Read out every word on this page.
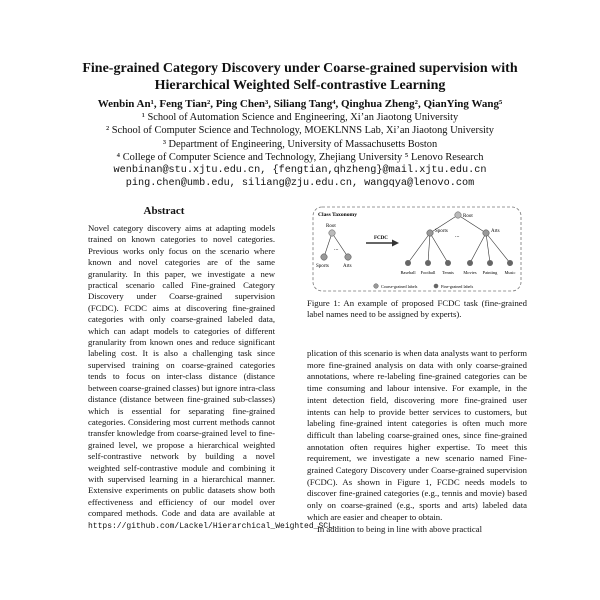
Fine-grained Category Discovery under Coarse-grained supervision with
Hierarchical Weighted Self-contrastive Learning
Wenbin An¹, Feng Tian², Ping Chen³, Siliang Tang⁴, Qinghua Zheng², QianYing Wang⁵
¹ School of Automation Science and Engineering, Xi’an Jiaotong University
² School of Computer Science and Technology, MOEKLNNS Lab, Xi’an Jiaotong University
³ Department of Engineering, University of Massachusetts Boston
⁴ College of Computer Science and Technology, Zhejiang University ⁵ Lenovo Research
wenbinan@stu.xjtu.edu.cn, {fengtian,qhzheng}@mail.xjtu.edu.cn
ping.chen@umb.edu, siliang@zju.edu.cn, wangqya@lenovo.com
Abstract
Novel category discovery aims at adapting models trained on known categories to novel categories. Previous works only focus on the scenario where known and novel categories are of the same granularity. In this paper, we investigate a new practical scenario called Fine-grained Category Discovery under Coarse-grained supervision (FCDC). FCDC aims at discovering fine-grained categories with only coarse-grained labeled data, which can adapt models to categories of different granularity from known ones and reduce significant labeling cost. It is also a challenging task since supervised training on coarse-grained categories tends to focus on inter-class distance (distance between coarse-grained classes) but ignore intra-class distance (distance between fine-grained sub-classes) which is essential for separating fine-grained categories. Considering most current methods cannot transfer knowledge from coarse-grained level to fine-grained level, we propose a hierarchical weighted self-contrastive network by building a novel weighted self-contrastive module and combining it with supervised learning in a hierarchical manner. Extensive experiments on public datasets show both effectiveness and efficiency of our model over compared methods. Code and data are available at https://github.com/Lackel/Hierarchical_Weighted_SCL.
Class Taxonomy
Root
...
Sports	Arts
FCDC
Root
Sports	Arts
...
Baseball Football Tennis Movies Painting Music
Coarse-grained labels	Fine-grained labels
Figure 1: An example of proposed FCDC task (fine-grained label names need to be assigned by experts).

plication of this scenario is when data analysts want to perform more fine-grained analysis on data with only coarse-grained annotations, where re-labeling fine-grained categories can be time consuming and labour intensive. For example, in the intent detection field, discovering more fine-grained user intents can help to provide better services to customers, but labeling fine-grained intent categories is often much more difficult than labeling coarse-grained ones, since fine-grained annotation often requires higher expertise. To meet this requirement, we investigate a new scenario named Fine-grained Category Discovery under Coarse-grained supervision (FCDC). As shown in Figure 1, FCDC needs models to discover fine-grained categories (e.g., tennis and movie) based only on coarse-grained (e.g., sports and arts) labeled data which are easier and cheaper to obtain.

In addition to being in line with above practical
